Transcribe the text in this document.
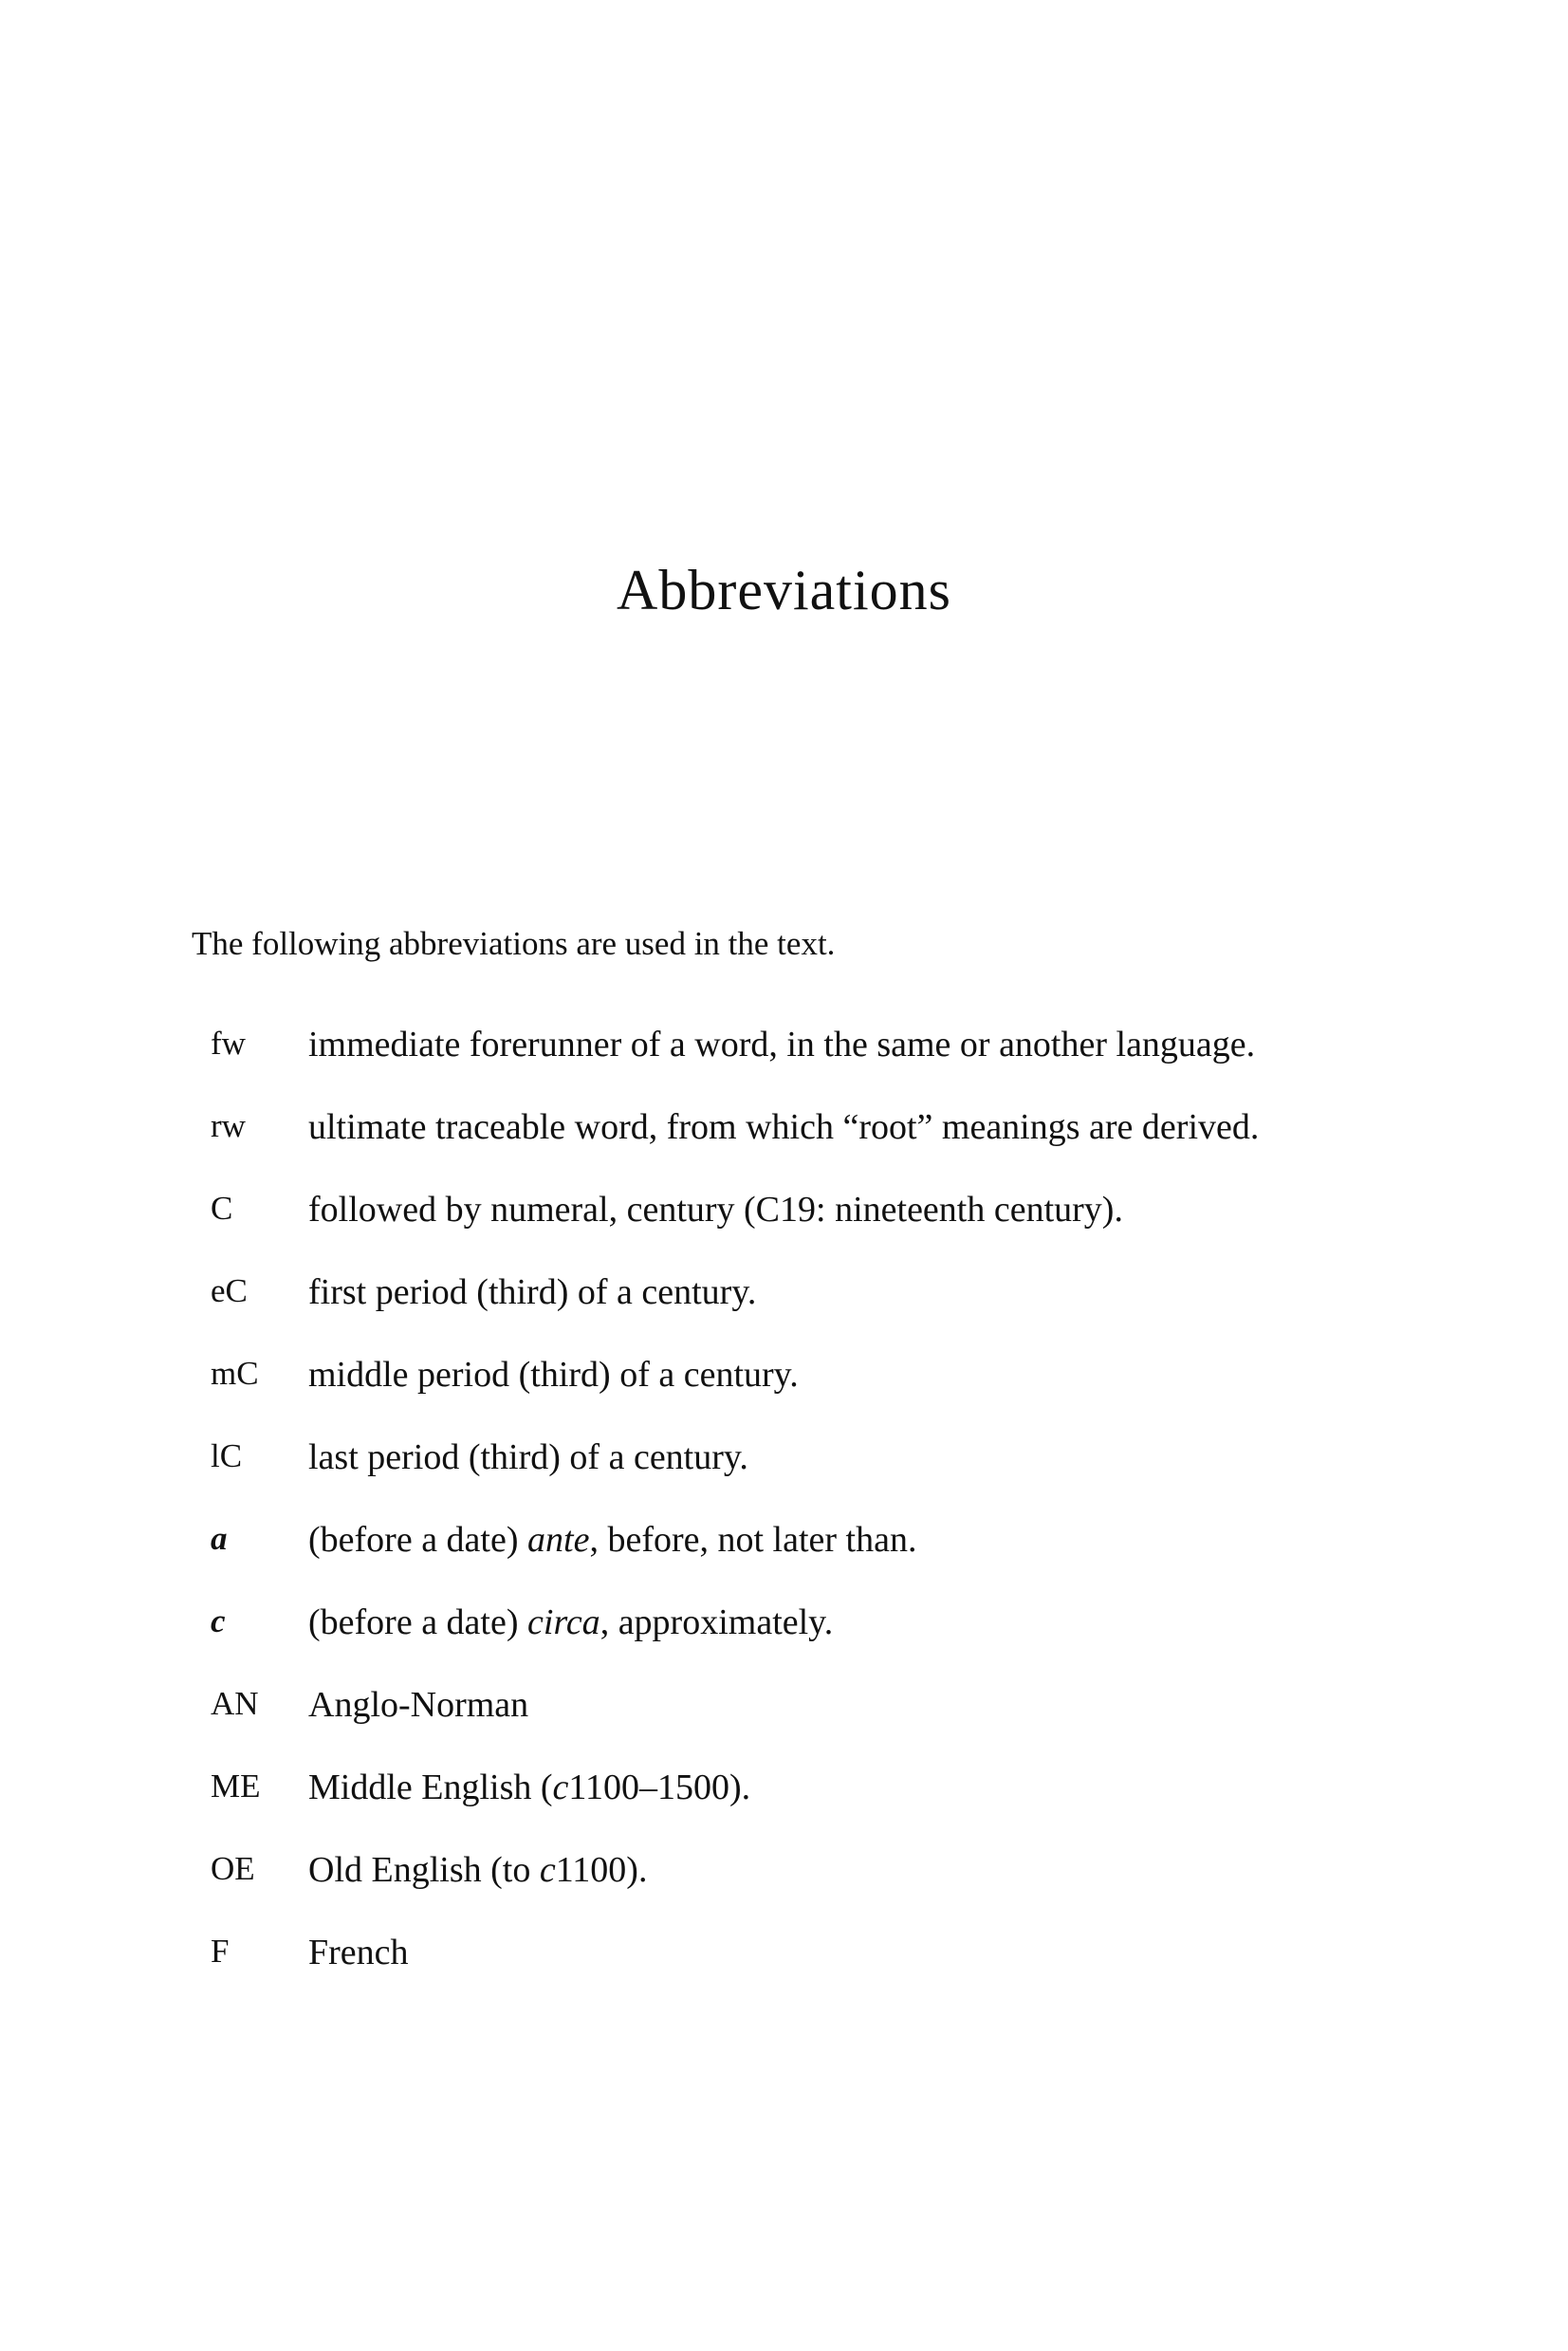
Abbreviations

The following abbreviations are used in the text.

fw immediate forerunner of a word, in the same or another language.
rw ultimate traceable word, from which “root” meanings are derived.
C followed by numeral, century (C19: nineteenth century).
eC first period (third) of a century.
mC middle period (third) of a century.
lC last period (third) of a century.
a (before a date) ante, before, not later than.
c (before a date) circa, approximately.
AN Anglo-Norman
ME Middle English (c1100–1500).
OE Old English (to c1100).
F French
